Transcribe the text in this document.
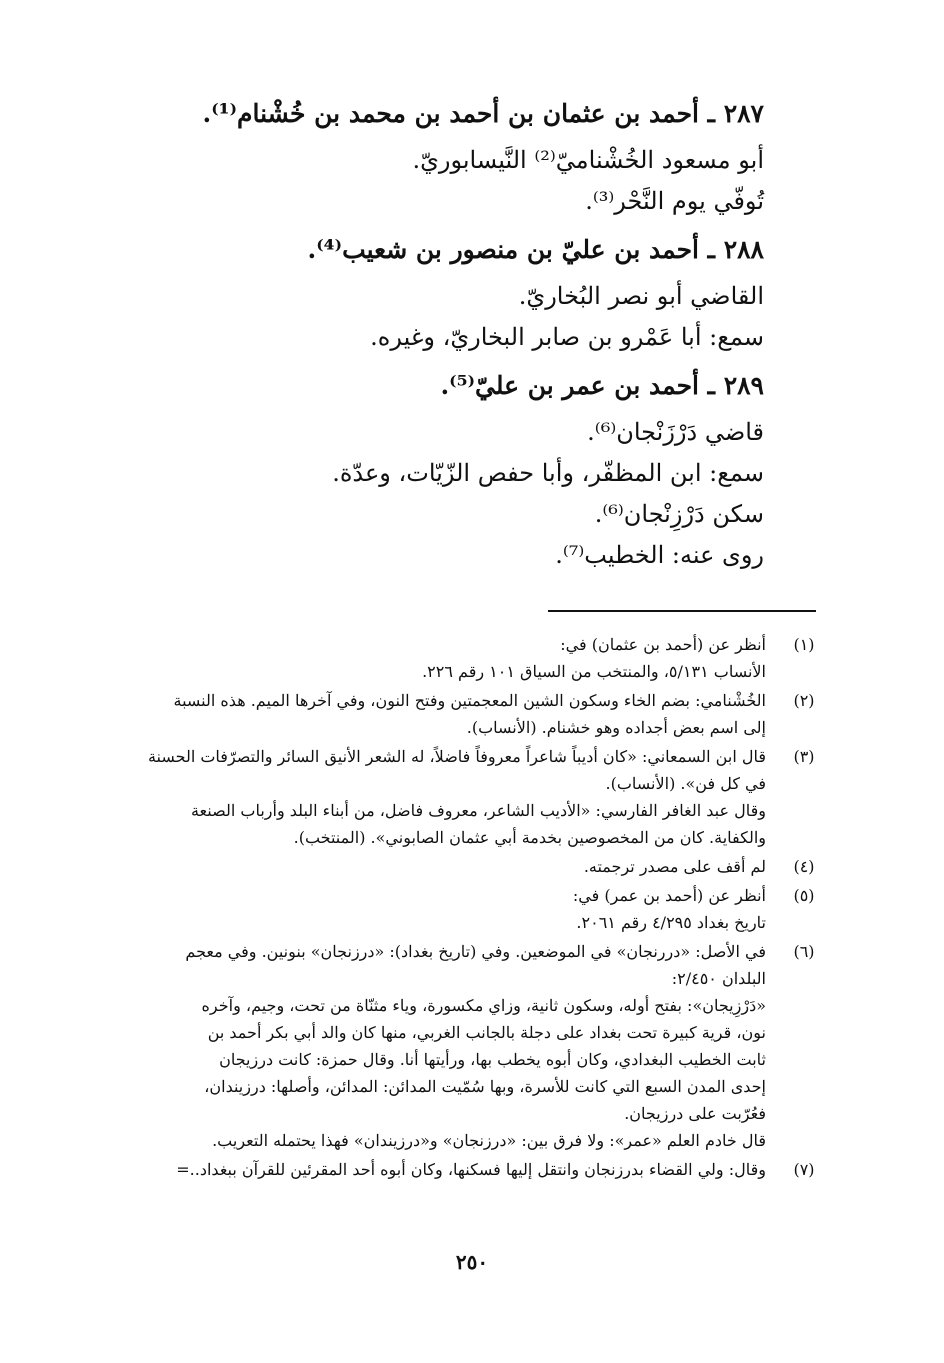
٢٨٧ ـ أحمد بن عثمان بن أحمد بن محمد بن خُشْنام⁽¹⁾.
أبو مسعود الخُشْناميّ⁽²⁾ النَّيسابوريّ.
تُوفّي يوم النَّحْر⁽³⁾.
٢٨٨ ـ أحمد بن عليّ بن منصور بن شعيب⁽⁴⁾.
القاضي أبو نصر البُخاريّ.
سمع: أبا عَمْرو بن صابر البخاريّ، وغيره.
٢٨٩ ـ أحمد بن عمر بن عليّ⁽⁵⁾.
قاضي دَرْزَنْجان⁽⁶⁾.
سمع: ابن المظفّر، وأبا حفص الزّيّات، وعدّة.
سكن دَرْزِنْجان⁽⁶⁾.
روى عنه: الخطيب⁽⁷⁾.
(١)
أنظر عن (أحمد بن عثمان) في:
الأنساب ٥/١٣١، والمنتخب من السياق ١٠١ رقم ٢٢٦.
(٢)
الخُشْنامي: بضم الخاء وسكون الشين المعجمتين وفتح النون، وفي آخرها الميم. هذه النسبة
إلى اسم بعض أجداده وهو خشنام. (الأنساب).
(٣)
قال ابن السمعاني: «كان أديباً شاعراً معروفاً فاضلاً، له الشعر الأنيق السائر والتصرّفات الحسنة
في كل فن». (الأنساب).
وقال عبد الغافر الفارسي: «الأديب الشاعر، معروف فاضل، من أبناء البلد وأرباب الصنعة
والكفاية. كان من المخصوصين بخدمة أبي عثمان الصابوني». (المنتخب).
(٤)
لم أقف على مصدر ترجمته.
(٥)
أنظر عن (أحمد بن عمر) في:
تاريخ بغداد ٤/٢٩٥ رقم ٢٠٦١.
(٦)
في الأصل: «دررنجان» في الموضعين. وفي (تاريخ بغداد): «درزنجان» بنونين. وفي معجم
البلدان ٢/٤٥٠:
«دَرْزِيجان»: بفتح أوله، وسكون ثانية، وزاي مكسورة، وياء مثنّاة من تحت، وجيم، وآخره
نون، قرية كبيرة تحت بغداد على دجلة بالجانب الغربي، منها كان والد أبي بكر أحمد بن
ثابت الخطيب البغدادي، وكان أبوه يخطب بها، ورأيتها أنا. وقال حمزة: كانت درزيجان
إحدى المدن السبع التي كانت للأسرة، وبها سُمّيت المدائن: المدائن، وأصلها: درزيندان،
فعُرّبت على درزيجان.
قال خادم العلم «عمر»: ولا فرق بين: «درزنجان» و«درزيندان» فهذا يحتمله التعريب.
(٧)
وقال: ولي القضاء بدرزنجان وانتقل إليها فسكنها، وكان أبوه أحد المقرئين للقرآن ببغداد..=
٢٥٠
